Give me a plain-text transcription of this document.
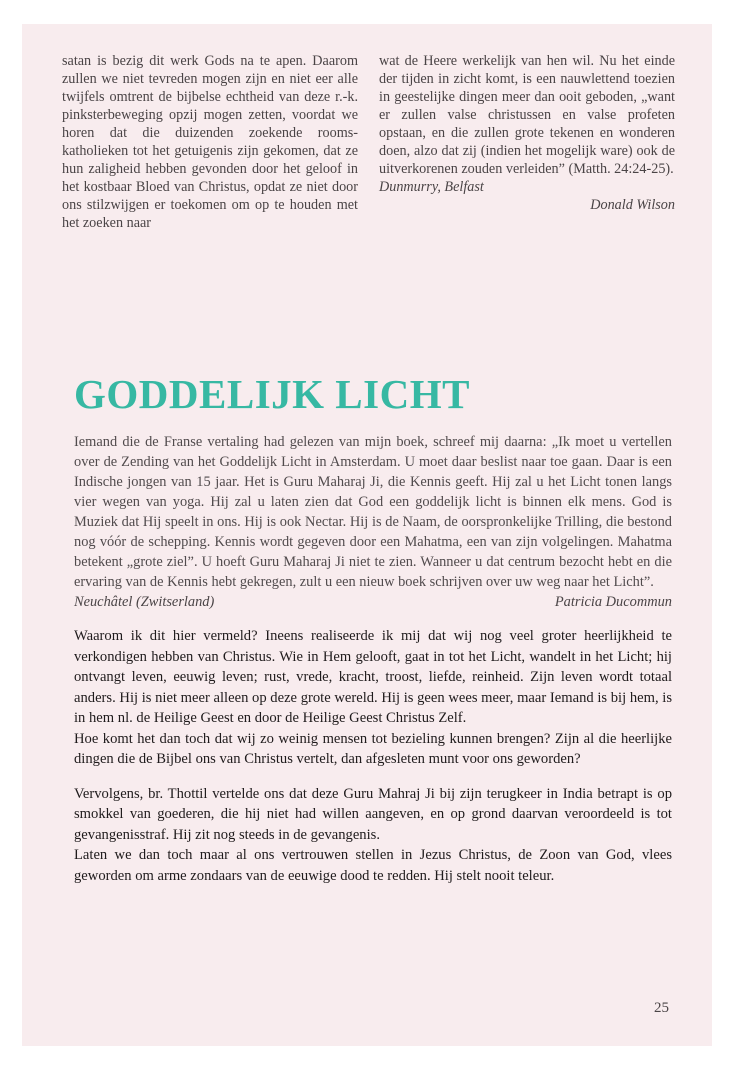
satan is bezig dit werk Gods na te apen. Daarom zullen we niet tevreden mogen zijn en niet eer alle twijfels omtrent de bijbelse echtheid van deze r.-k. pinksterbeweging opzij mogen zetten, voordat we horen dat die duizenden zoekende rooms-katholieken tot het getuigenis zijn gekomen, dat ze hun zaligheid hebben gevonden door het geloof in het kostbaar Bloed van Christus, opdat ze niet door ons stilzwijgen er toekomen om op te houden met het zoeken naar

wat de Heere werkelijk van hen wil. Nu het einde der tijden in zicht komt, is een nauwlettend toezien in geestelijke dingen meer dan ooit geboden, „want er zullen valse christussen en valse profeten opstaan, en die zullen grote tekenen en wonderen doen, alzo dat zij (indien het mogelijk ware) ook de uitverkorenen zouden verleiden” (Matth. 24:24-25).

Dunmurry, Belfast

Donald Wilson

GODDELIJK LICHT

Iemand die de Franse vertaling had gelezen van mijn boek, schreef mij daarna: „Ik moet u vertellen over de Zending van het Goddelijk Licht in Amsterdam. U moet daar beslist naar toe gaan. Daar is een Indische jongen van 15 jaar. Het is Guru Maharaj Ji, die Kennis geeft. Hij zal u het Licht tonen langs vier wegen van yoga. Hij zal u laten zien dat God een goddelijk licht is binnen elk mens. God is Muziek dat Hij speelt in ons. Hij is ook Nectar. Hij is de Naam, de oorspronkelijke Trilling, die bestond nog vóór de schepping. Kennis wordt gegeven door een Mahatma, een van zijn volgelingen. Mahatma betekent „grote ziel”. U hoeft Guru Maharaj Ji niet te zien. Wanneer u dat centrum bezocht hebt en die ervaring van de Kennis hebt gekregen, zult u een nieuw boek schrijven over uw weg naar het Licht”.

Neuchâtel (Zwitserland)	Patricia Ducommun

Waarom ik dit hier vermeld? Ineens realiseerde ik mij dat wij nog veel groter heerlijkheid te verkondigen hebben van Christus. Wie in Hem gelooft, gaat in tot het Licht, wandelt in het Licht; hij ontvangt leven, eeuwig leven; rust, vrede, kracht, troost, liefde, reinheid. Zijn leven wordt totaal anders. Hij is niet meer alleen op deze grote wereld. Hij is geen wees meer, maar Iemand is bij hem, is in hem nl. de Heilige Geest en door de Heilige Geest Christus Zelf.

Hoe komt het dan toch dat wij zo weinig mensen tot bezieling kunnen brengen? Zijn al die heerlijke dingen die de Bijbel ons van Christus vertelt, dan afgesleten munt voor ons geworden?

Vervolgens, br. Thottil vertelde ons dat deze Guru Mahraj Ji bij zijn terugkeer in India betrapt is op smokkel van goederen, die hij niet had willen aangeven, en op grond daarvan veroordeeld is tot gevangenisstraf. Hij zit nog steeds in de gevangenis.

Laten we dan toch maar al ons vertrouwen stellen in Jezus Christus, de Zoon van God, vlees geworden om arme zondaars van de eeuwige dood te redden. Hij stelt nooit teleur.

25
